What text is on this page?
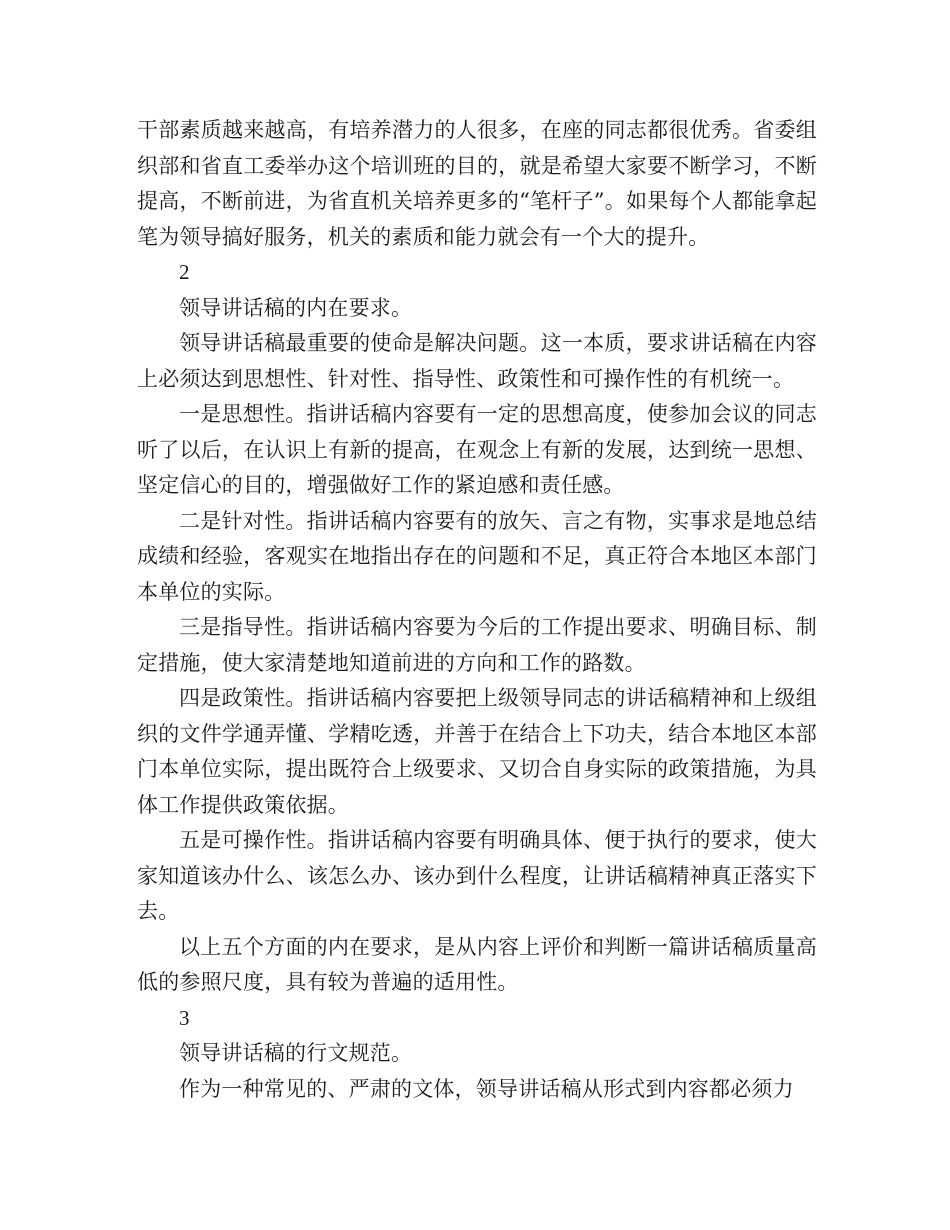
干部素质越来越高，有培养潜力的人很多，在座的同志都很优秀。省委组织部和省直工委举办这个培训班的目的，就是希望大家要不断学习，不断提高，不断前进，为省直机关培养更多的“笔杆子”。如果每个人都能拿起笔为领导搞好服务，机关的素质和能力就会有一个大的提升。

2

领导讲话稿的内在要求。

领导讲话稿最重要的使命是解决问题。这一本质，要求讲话稿在内容上必须达到思想性、针对性、指导性、政策性和可操作性的有机统一。

一是思想性。指讲话稿内容要有一定的思想高度，使参加会议的同志听了以后，在认识上有新的提高，在观念上有新的发展，达到统一思想、坚定信心的目的，增强做好工作的紧迫感和责任感。

二是针对性。指讲话稿内容要有的放矢、言之有物，实事求是地总结成绩和经验，客观实在地指出存在的问题和不足，真正符合本地区本部门本单位的实际。

三是指导性。指讲话稿内容要为今后的工作提出要求、明确目标、制定措施，使大家清楚地知道前进的方向和工作的路数。

四是政策性。指讲话稿内容要把上级领导同志的讲话稿精神和上级组织的文件学通弄懂、学精吃透，并善于在结合上下功夫，结合本地区本部门本单位实际，提出既符合上级要求、又切合自身实际的政策措施，为具体工作提供政策依据。

五是可操作性。指讲话稿内容要有明确具体、便于执行的要求，使大家知道该办什么、该怎么办、该办到什么程度，让讲话稿精神真正落实下去。

以上五个方面的内在要求，是从内容上评价和判断一篇讲话稿质量高低的参照尺度，具有较为普遍的适用性。

3

领导讲话稿的行文规范。

作为一种常见的、严肃的文体，领导讲话稿从形式到内容都必须力
